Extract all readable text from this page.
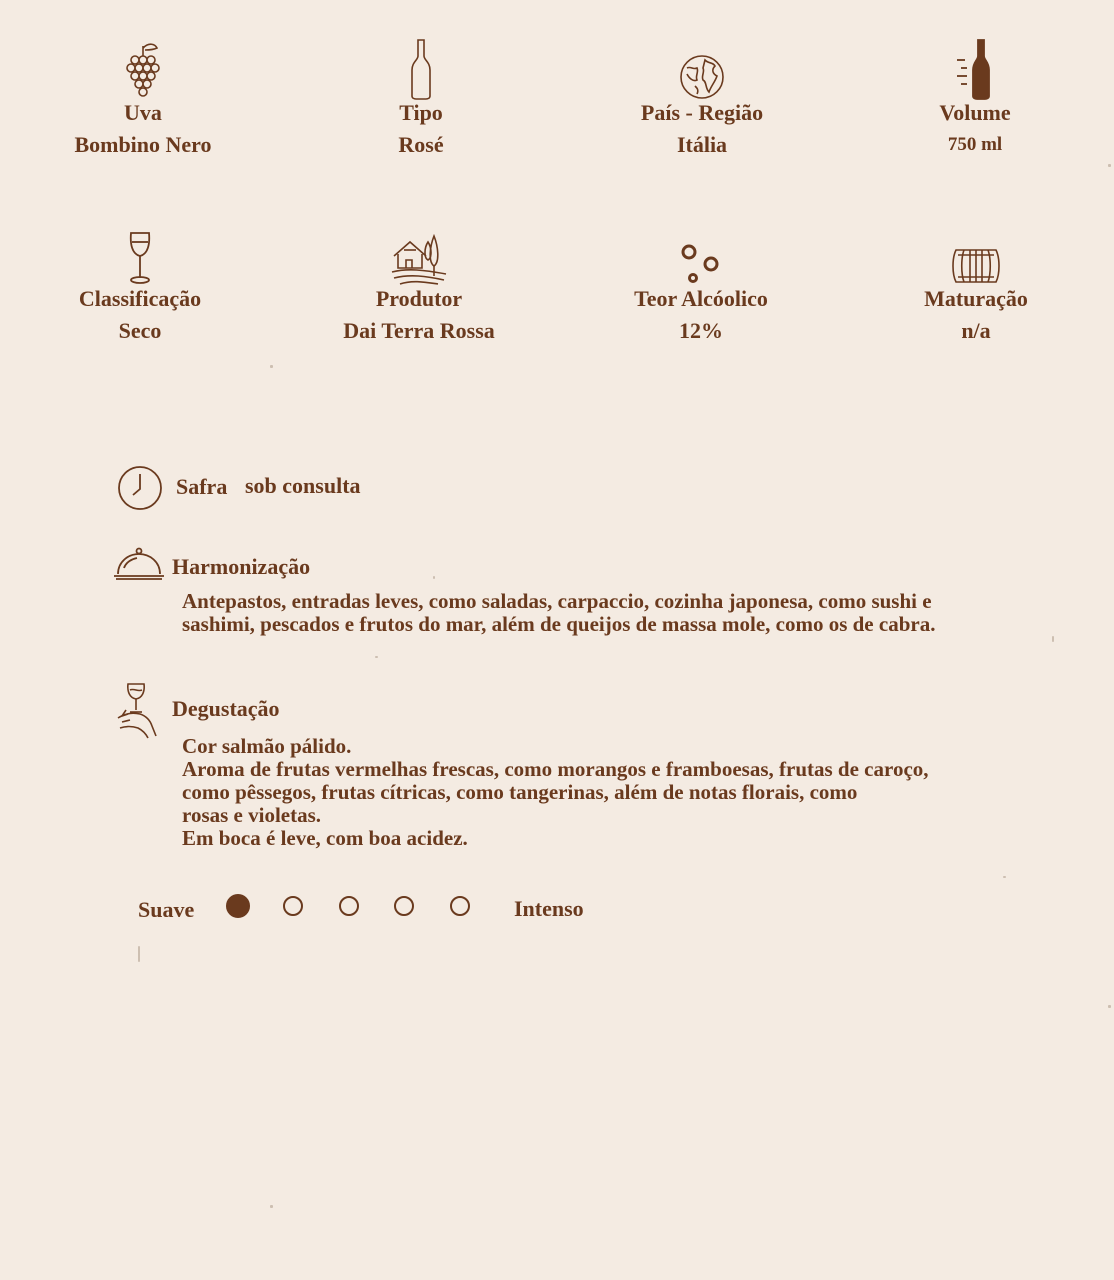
Uva
Bombino Nero
Tipo
Rosé
País - Região
Itália
Volume
750 ml
Classificação
Seco
Produtor
Dai Terra Rossa
Teor Alcóolico
12%
Maturação
n/a
Safra sob consulta
Harmonização
Antepastos, entradas leves, como saladas, carpaccio, cozinha japonesa, como sushi e
sashimi, pescados e frutos do mar, além de queijos de massa mole, como os de cabra.
Degustação
Cor salmão pálido.
Aroma de frutas vermelhas frescas, como morangos e framboesas, frutas de caroço,
como pêssegos, frutas cítricas, como tangerinas, além de notas florais, como
rosas e violetas.
Em boca é leve, com boa acidez.
Suave	Intenso
